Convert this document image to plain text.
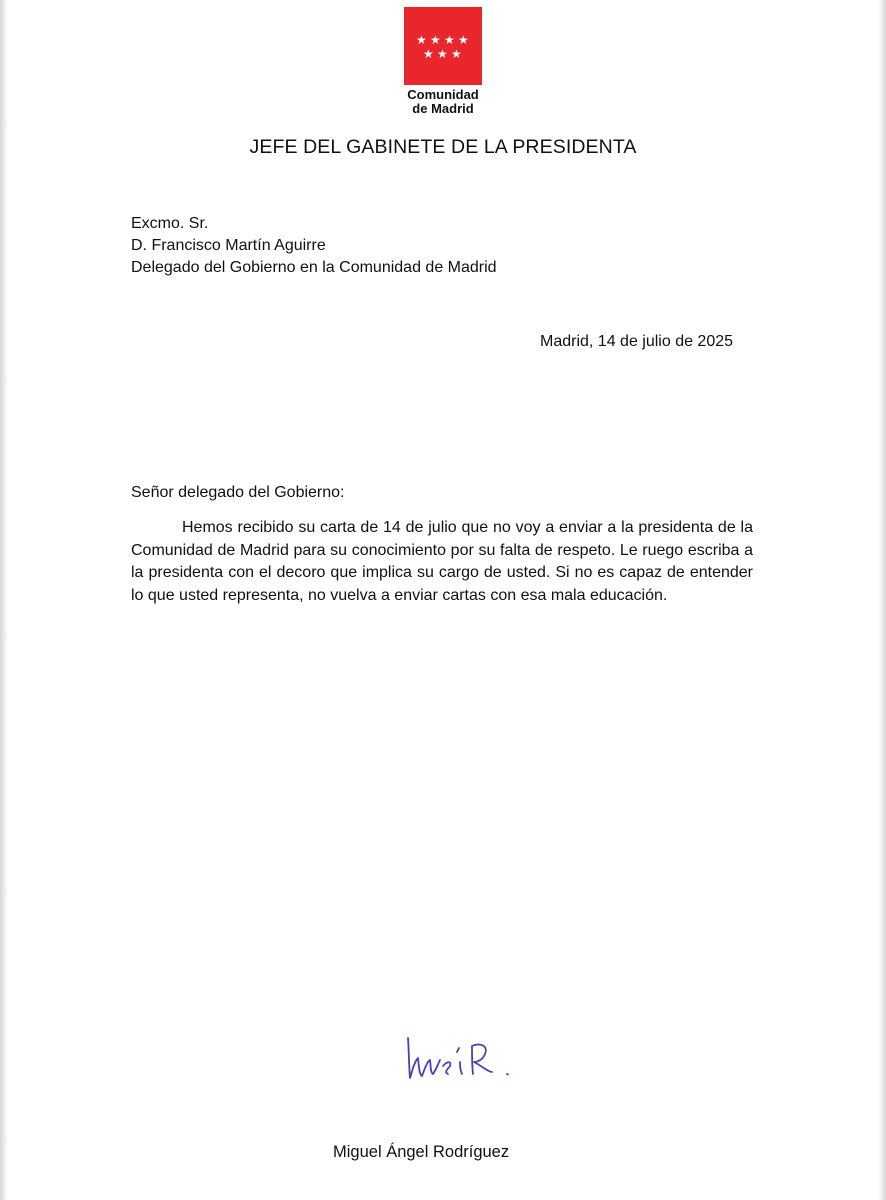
★ ★ ★ ★
★ ★ ★
Comunidad
de Madrid
JEFE DEL GABINETE DE LA PRESIDENTA
Excmo. Sr.
D. Francisco Martín Aguirre
Delegado del Gobierno en la Comunidad de Madrid
Madrid, 14 de julio de 2025
Señor delegado del Gobierno:
Hemos recibido su carta de 14 de julio que no voy a enviar a la presidenta de la Comunidad de Madrid para su conocimiento por su falta de respeto. Le ruego escriba a la presidenta con el decoro que implica su cargo de usted. Si no es capaz de entender lo que usted representa, no vuelva a enviar cartas con esa mala educación.
Miguel Ángel Rodríguez
